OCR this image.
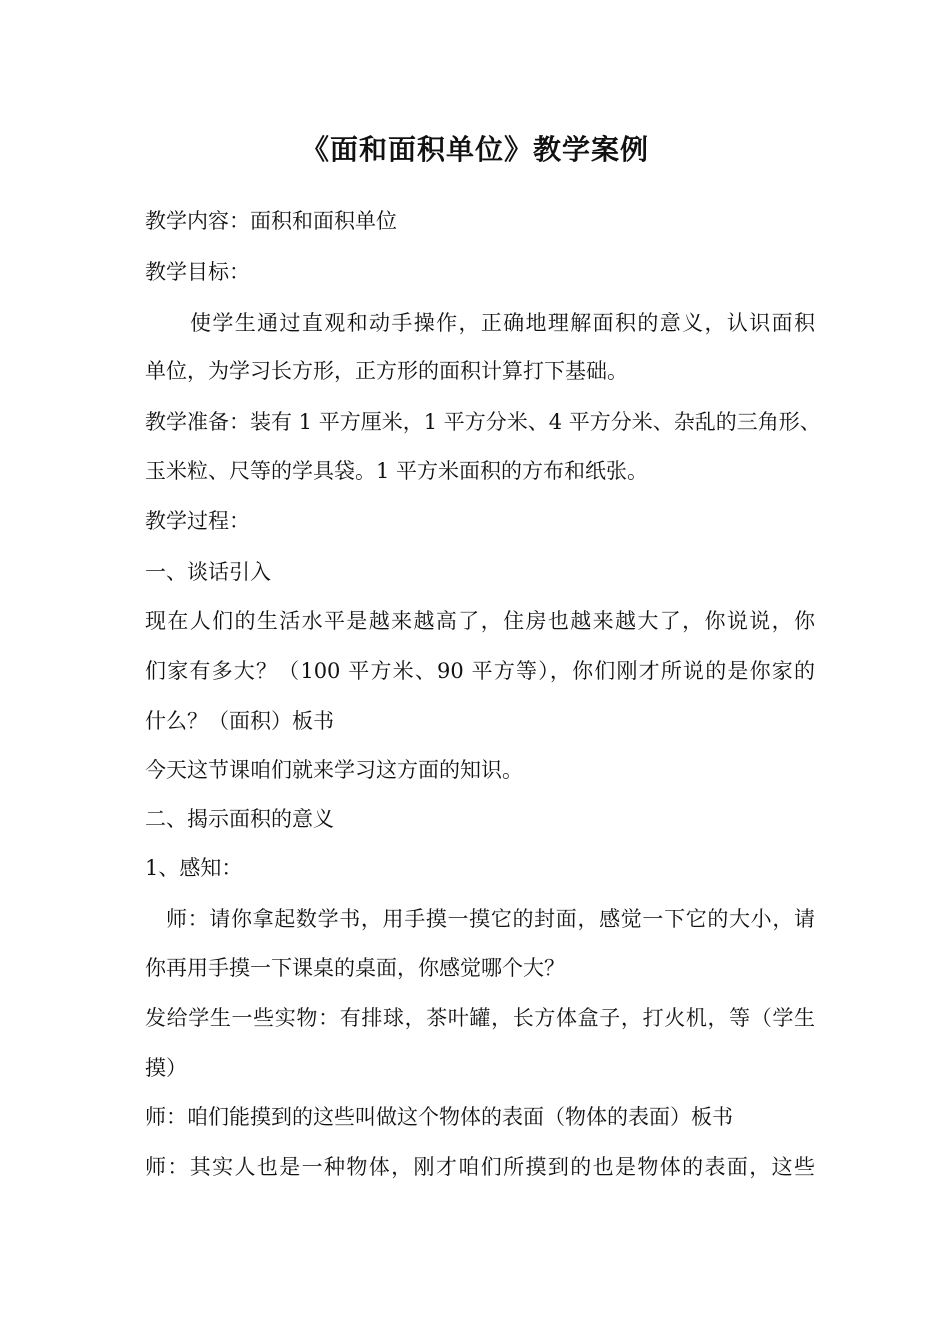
《面和面积单位》教学案例
教学内容：面积和面积单位
教学目标：
使学生通过直观和动手操作，正确地理解面积的意义，认识面积
单位，为学习长方形，正方形的面积计算打下基础。
教学准备：装有 1 平方厘米，1 平方分米、4 平方分米、杂乱的三角形、
玉米粒、尺等的学具袋。1 平方米面积的方布和纸张。
教学过程：
一、谈话引入
现在人们的生活水平是越来越高了，住房也越来越大了，你说说，你
们家有多大？（100 平方米、90 平方等），你们刚才所说的是你家的
什么？（面积）板书
今天这节课咱们就来学习这方面的知识。
二、揭示面积的意义
1、感知：
师：请你拿起数学书，用手摸一摸它的封面，感觉一下它的大小，请
你再用手摸一下课桌的桌面，你感觉哪个大？
发给学生一些实物：有排球，茶叶罐，长方体盒子，打火机，等（学生
摸）
师：咱们能摸到的这些叫做这个物体的表面（物体的表面）板书
师：其实人也是一种物体，刚才咱们所摸到的也是物体的表面，这些
